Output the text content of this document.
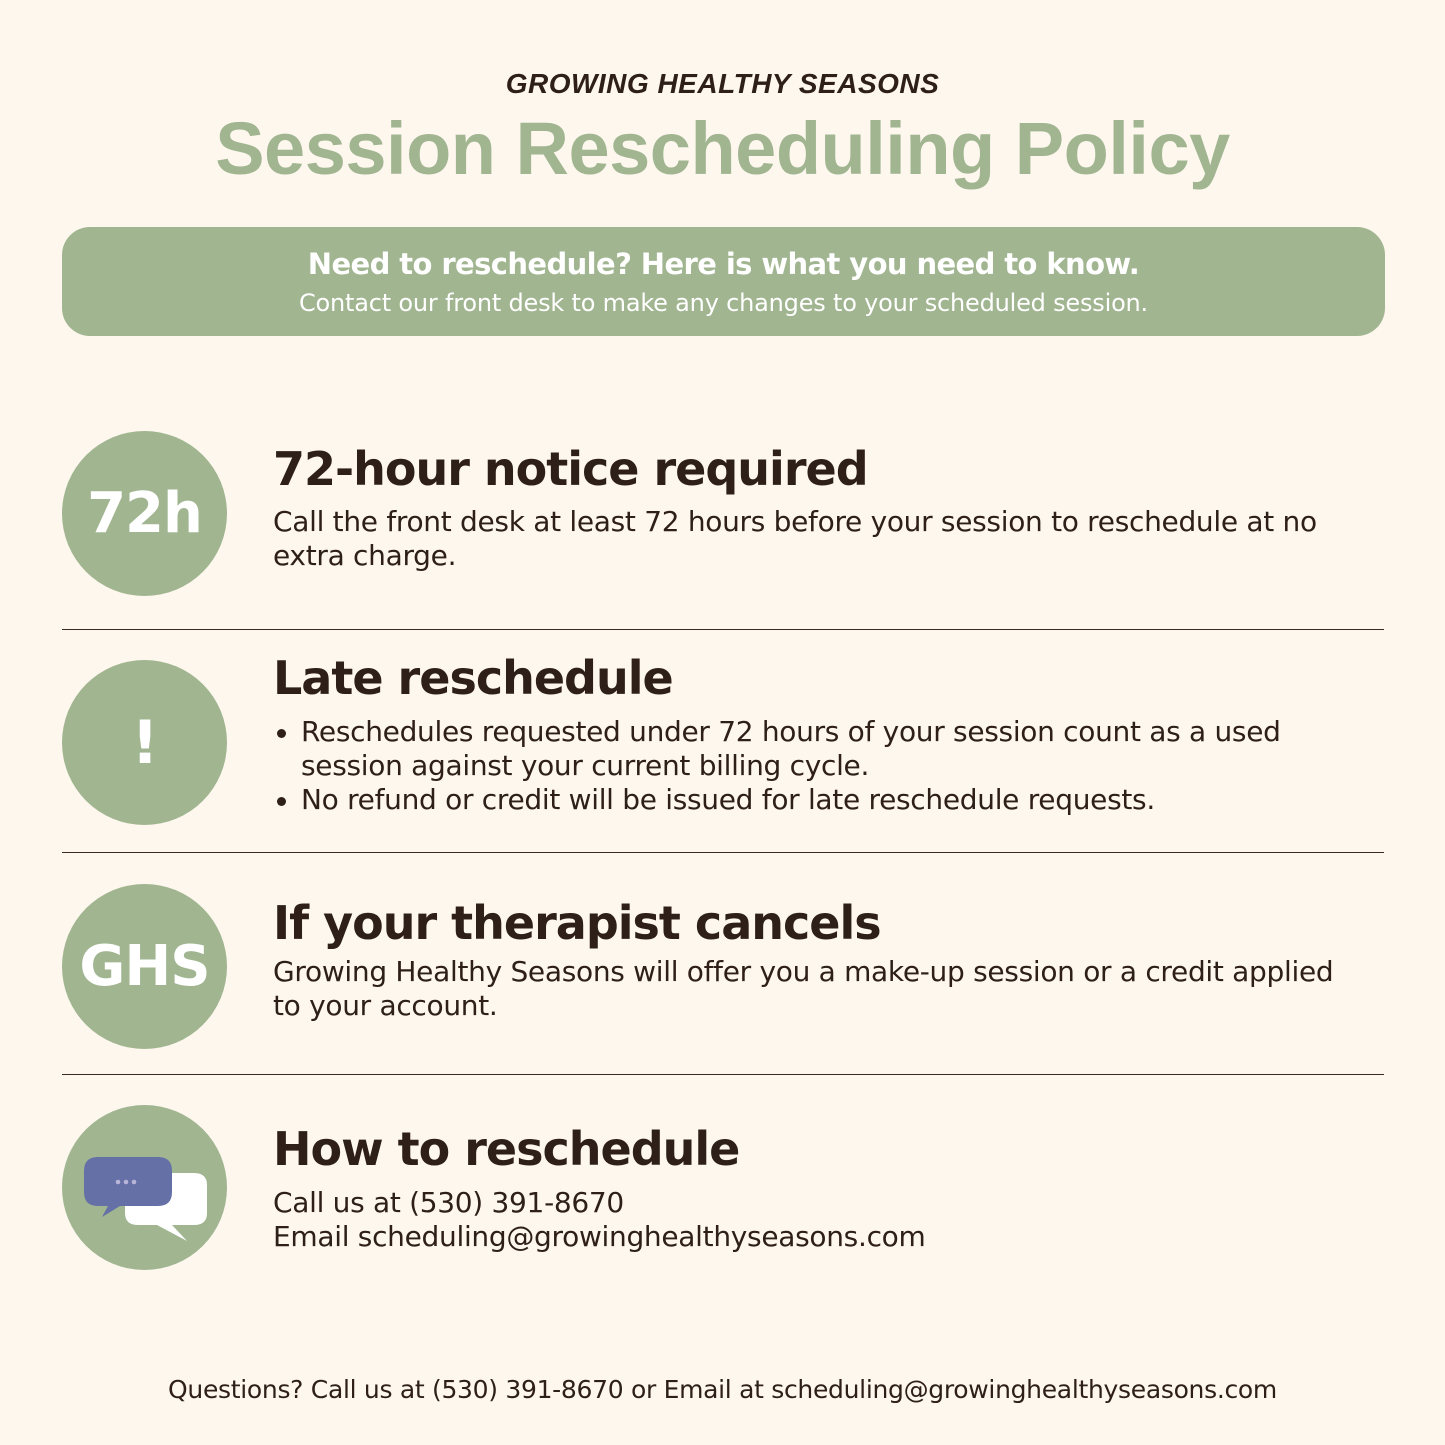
GROWING HEALTHY SEASONS
Session Rescheduling Policy
Need to reschedule? Here is what you need to know.
Contact our front desk to make any changes to your scheduled session.
72h
72-hour notice required
Call the front desk at least 72 hours before your session to reschedule at no extra charge.
!
Late reschedule
Reschedules requested under 72 hours of your session count as a used session against your current billing cycle.
No refund or credit will be issued for late reschedule requests.
GHS
If your therapist cancels
Growing Healthy Seasons will offer you a make-up session or a credit applied to your account.
How to reschedule
Call us at (530) 391-8670
Email scheduling@growinghealthyseasons.com
Questions? Call us at (530) 391-8670 or Email at scheduling@growinghealthyseasons.com
